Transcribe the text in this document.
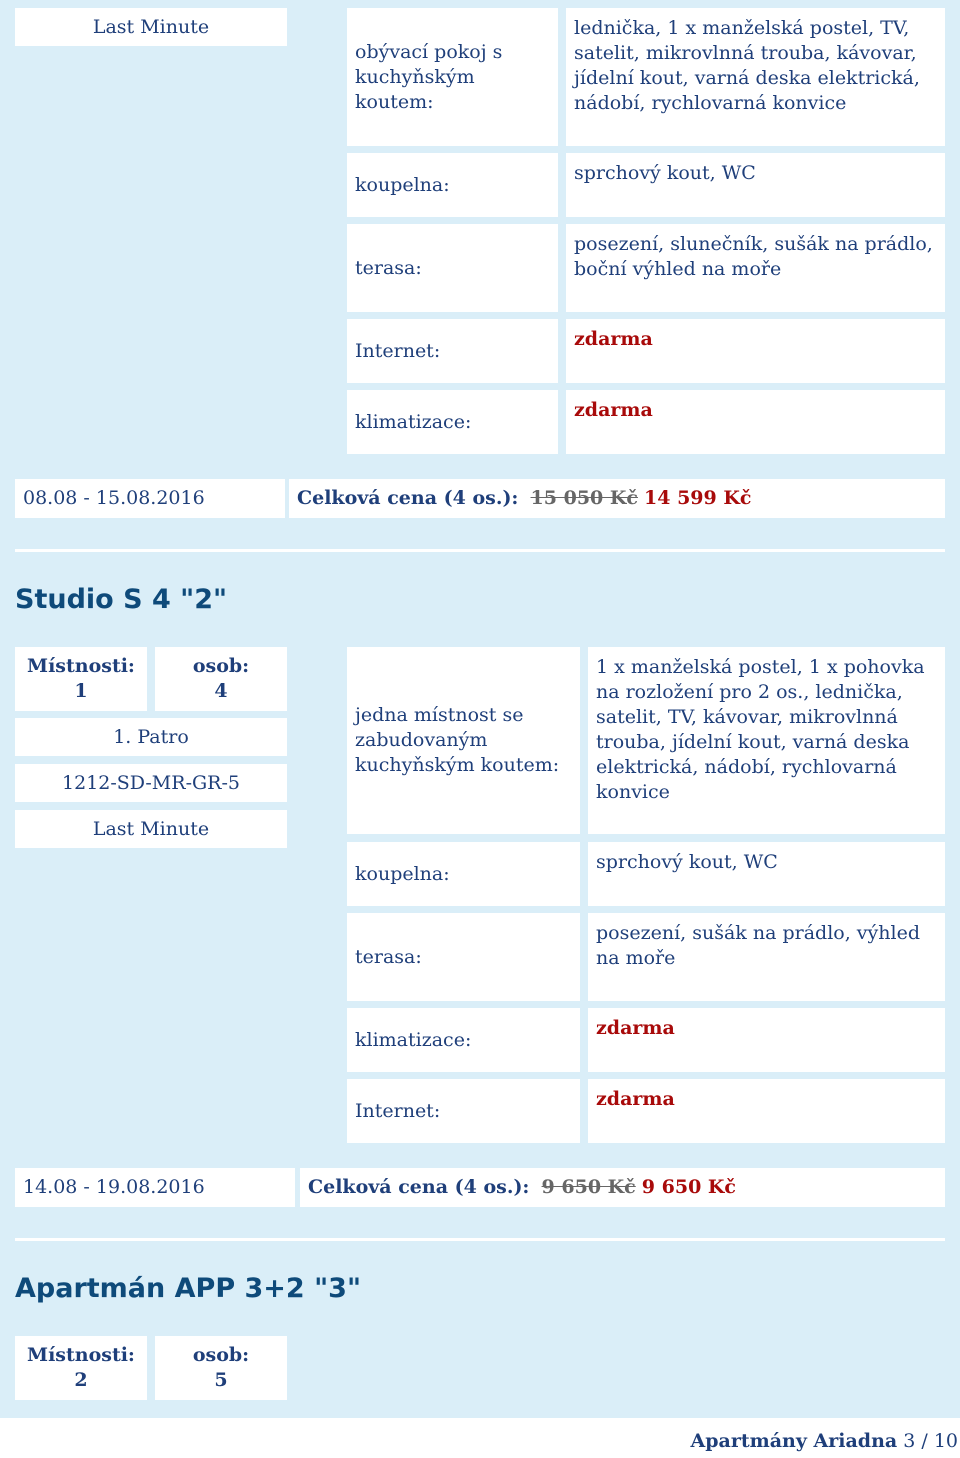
Last Minute
obývací pokoj s kuchyňským koutem:
lednička, 1 x manželská postel, TV, satelit, mikrovlnná trouba, kávovar, jídelní kout, varná deska elektrická, nádobí, rychlovarná konvice
koupelna:
sprchový kout, WC
terasa:
posezení, slunečník, sušák na prádlo, boční výhled na moře
Internet:
zdarma
klimatizace:
zdarma
08.08 - 15.08.2016	Celková cena (4 os.):
15 050 Kč
14 599 Kč
Studio S 4 "2"
Místnosti:
1
osob:
4
1. Patro
1212-SD-MR-GR-5
Last Minute
jedna místnost se zabudovaným kuchyňským koutem:
1 x manželská postel, 1 x pohovka na rozložení pro 2 os., lednička, satelit, TV, kávovar, mikrovlnná trouba, jídelní kout, varná deska elektrická, nádobí, rychlovarná konvice
koupelna:
sprchový kout, WC
terasa:
posezení, sušák na prádlo, výhled na moře
klimatizace:
zdarma
Internet:
zdarma
14.08 - 19.08.2016	Celková cena (4 os.):
9 650 Kč
9 650 Kč
Apartmán APP 3+2 "3"
Místnosti:
2
osob:
5
Apartmány Ariadna 3 / 10
